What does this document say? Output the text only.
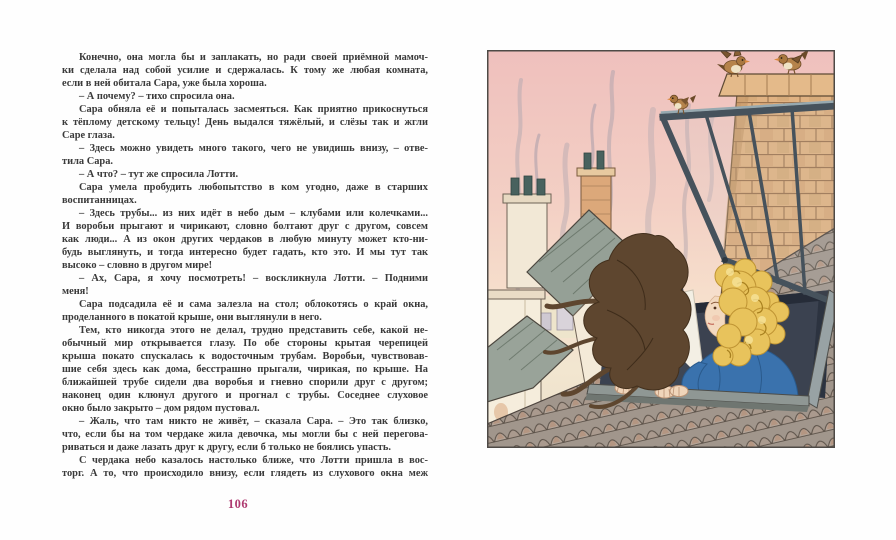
Конечно, она могла бы и заплакать, но ради своей приёмной мамоч-
ки сделала над собой усилие и сдержалась. К тому же любая комната,
если в ней обитала Сара, уже была хороша.
– А почему? – тихо спросила она.
Сара обняла её и попыталась засмеяться. Как приятно прикоснуться
к тёплому детскому тельцу! День выдался тяжёлый, и слёзы так и жгли
Саре глаза.
– Здесь можно увидеть много такого, чего не увидишь внизу, – отве-
тила Сара.
– А что? – тут же спросила Лотти.
Сара умела пробудить любопытство в ком угодно, даже в старших
воспитанницах.
– Здесь трубы... из них идёт в небо дым – клубами или колечками...
И воробьи прыгают и чирикают, словно болтают друг с другом, совсем
как люди... А из окон других чердаков в любую минуту может кто-ни-
будь выглянуть, и тогда интересно будет гадать, кто это. И мы тут так
высоко – словно в другом мире!
– Ах, Сара, я хочу посмотреть! – воскликнула Лотти. – Подними
меня!
Сара подсадила её и сама залезла на стол; облокотясь о край окна,
проделанного в покатой крыше, они выглянули в него.
Тем, кто никогда этого не делал, трудно представить себе, какой не-
обычный мир открывается глазу. По обе стороны крытая черепицей
крыша покато спускалась к водосточным трубам. Воробьи, чувствовав-
шие себя здесь как дома, бесстрашно прыгали, чирикая, по крыше. На
ближайшей трубе сидели два воробья и гневно спорили друг с другом;
наконец один клюнул другого и прогнал с трубы. Соседнее слуховое
окно было закрыто – дом рядом пустовал.
– Жаль, что там никто не живёт, – сказала Сара. – Это так близко,
что, если бы на том чердаке жила девочка, мы могли бы с ней перегова-
риваться и даже лазать друг к другу, если б только не боялись упасть.
С чердака небо казалось настолько ближе, что Лотти пришла в вос-
торг. А то, что происходило внизу, если глядеть из слухового окна меж
106
